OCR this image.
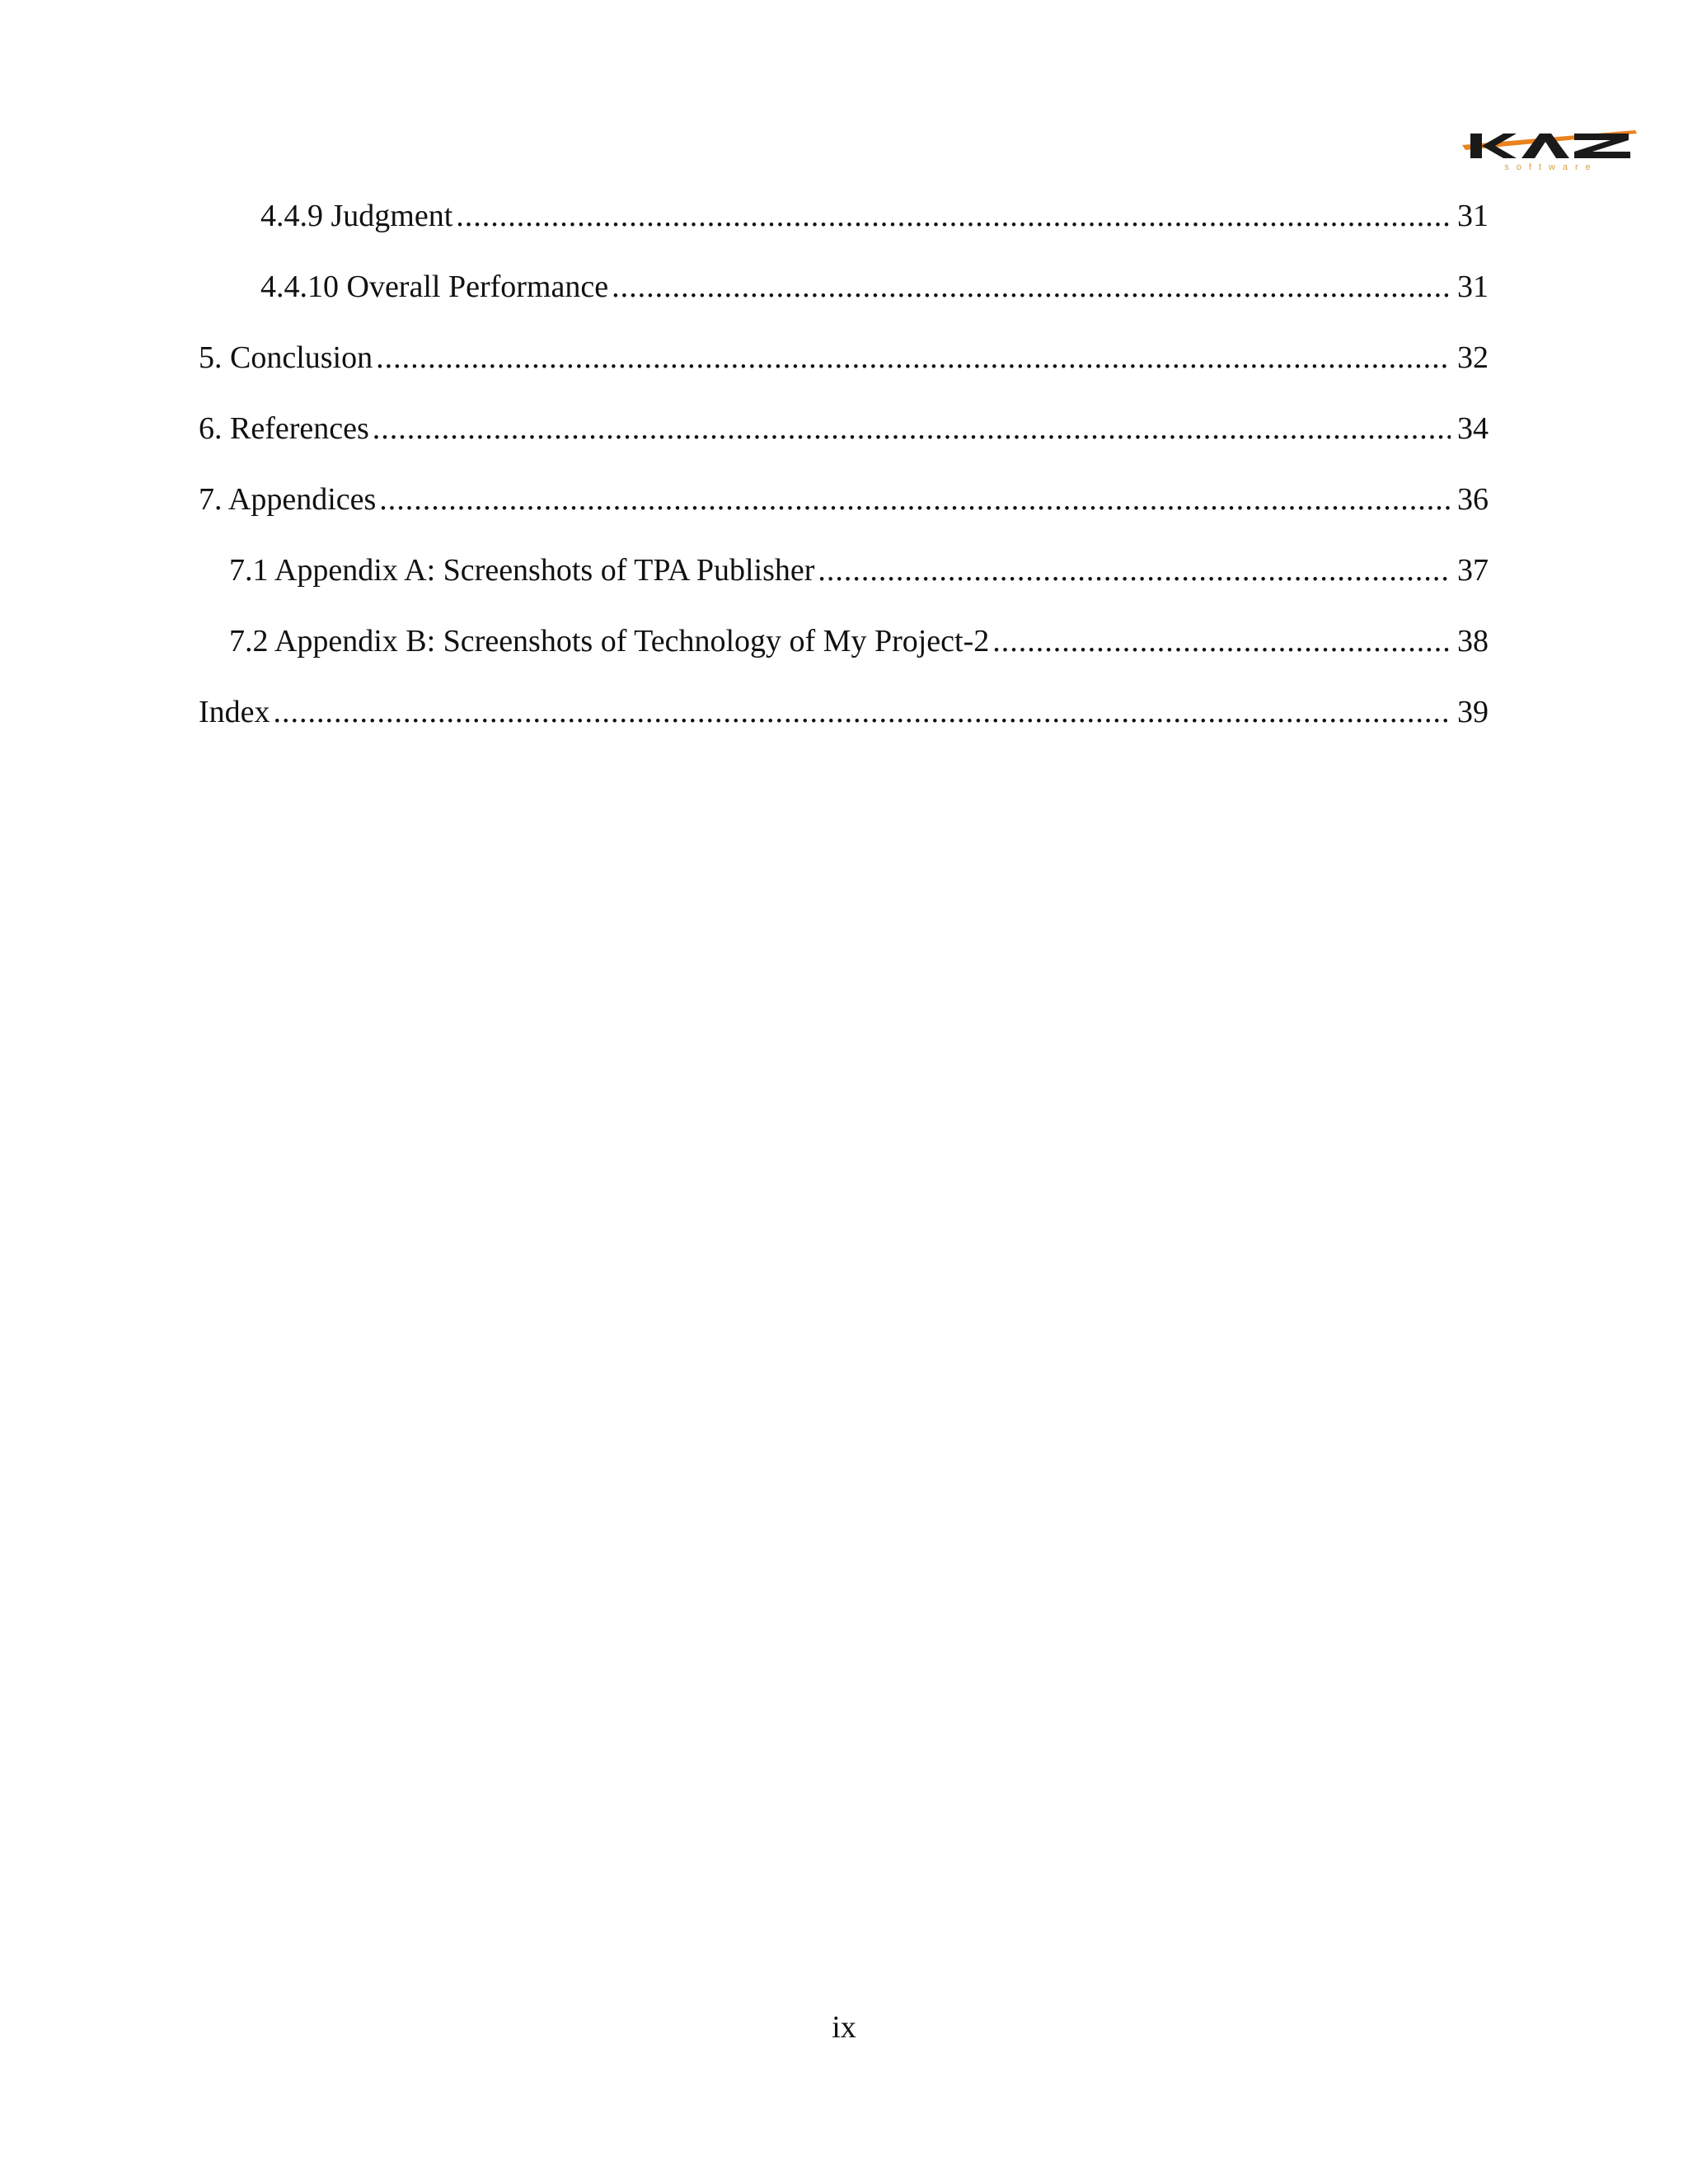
software
4.4.9 Judgment .....	31
4.4.10 Overall Performance .....	31
5. Conclusion .....	32
6. References .....	34
7. Appendices .....	36
7.1 Appendix A: Screenshots of TPA Publisher .....	37
7.2 Appendix B: Screenshots of Technology of My Project-2 .....	38
Index .....	39
ix
